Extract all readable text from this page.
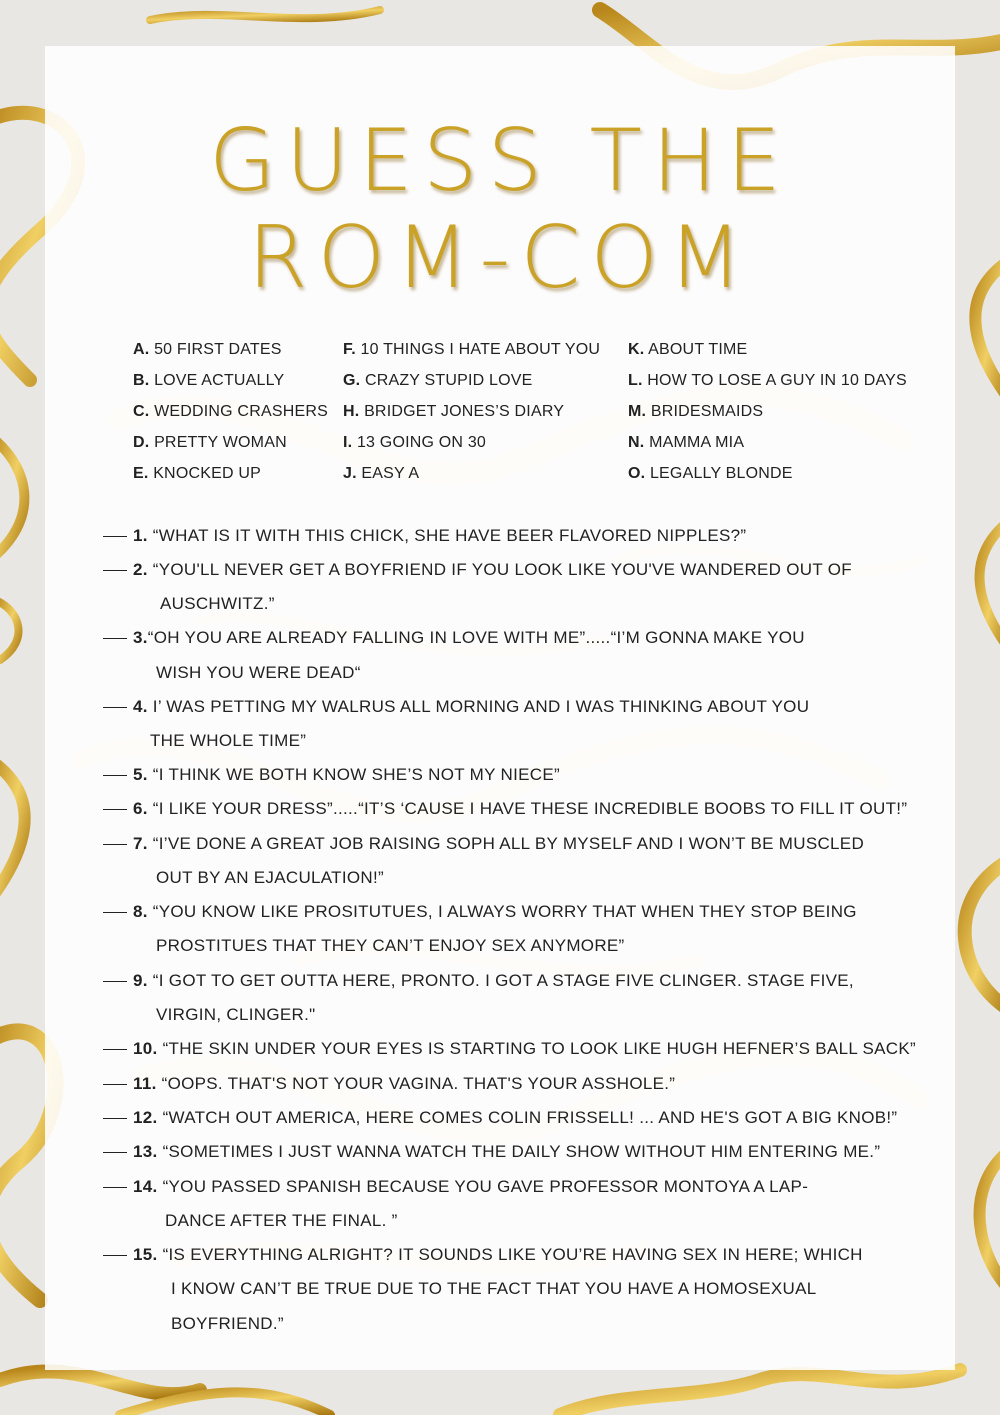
GUESS THE
ROM-COM
A. 50 FIRST DATES
B. LOVE ACTUALLY
C. WEDDING CRASHERS
D. PRETTY WOMAN
E. KNOCKED UP
F. 10 THINGS I HATE ABOUT YOU
G. CRAZY STUPID LOVE
H. BRIDGET JONES’S DIARY
I. 13 GOING ON 30
J. EASY A
K. ABOUT TIME
L. HOW TO LOSE A GUY IN 10 DAYS
M. BRIDESMAIDS
N. MAMMA MIA
O. LEGALLY BLONDE
1. “WHAT IS IT WITH THIS CHICK, SHE HAVE BEER FLAVORED NIPPLES?”
2. “YOU'LL NEVER GET A BOYFRIEND IF YOU LOOK LIKE YOU'VE WANDERED OUT OF
AUSCHWITZ.”
3.“OH YOU ARE ALREADY FALLING IN LOVE WITH ME”.....“I’M GONNA MAKE YOU
WISH YOU WERE DEAD“
4. I’ WAS PETTING MY WALRUS ALL MORNING AND I WAS THINKING ABOUT YOU
THE WHOLE TIME”
5. “I THINK WE BOTH KNOW SHE’S NOT MY NIECE”
6. “I LIKE YOUR DRESS”.....“IT’S ‘CAUSE I HAVE THESE INCREDIBLE BOOBS TO FILL IT OUT!”
7. “I’VE DONE A GREAT JOB RAISING SOPH ALL BY MYSELF AND I WON’T BE MUSCLED
OUT BY AN EJACULATION!”
8. “YOU KNOW LIKE PROSITUTUES, I ALWAYS WORRY THAT WHEN THEY STOP BEING
PROSTITUES THAT THEY CAN’T ENJOY SEX ANYMORE”
9. “I GOT TO GET OUTTA HERE, PRONTO. I GOT A STAGE FIVE CLINGER. STAGE FIVE,
VIRGIN, CLINGER."
10. “THE SKIN UNDER YOUR EYES IS STARTING TO LOOK LIKE HUGH HEFNER’S BALL SACK”
11. “OOPS. THAT'S NOT YOUR VAGINA. THAT'S YOUR ASSHOLE.”
12. “WATCH OUT AMERICA, HERE COMES COLIN FRISSELL! ... AND HE'S GOT A BIG KNOB!”
13. “SOMETIMES I JUST WANNA WATCH THE DAILY SHOW WITHOUT HIM ENTERING ME.”
14. “YOU PASSED SPANISH BECAUSE YOU GAVE PROFESSOR MONTOYA A LAP-
DANCE AFTER THE FINAL. ”
15. “IS EVERYTHING ALRIGHT? IT SOUNDS LIKE YOU’RE HAVING SEX IN HERE; WHICH
I KNOW CAN’T BE TRUE DUE TO THE FACT THAT YOU HAVE A HOMOSEXUAL
BOYFRIEND.”
